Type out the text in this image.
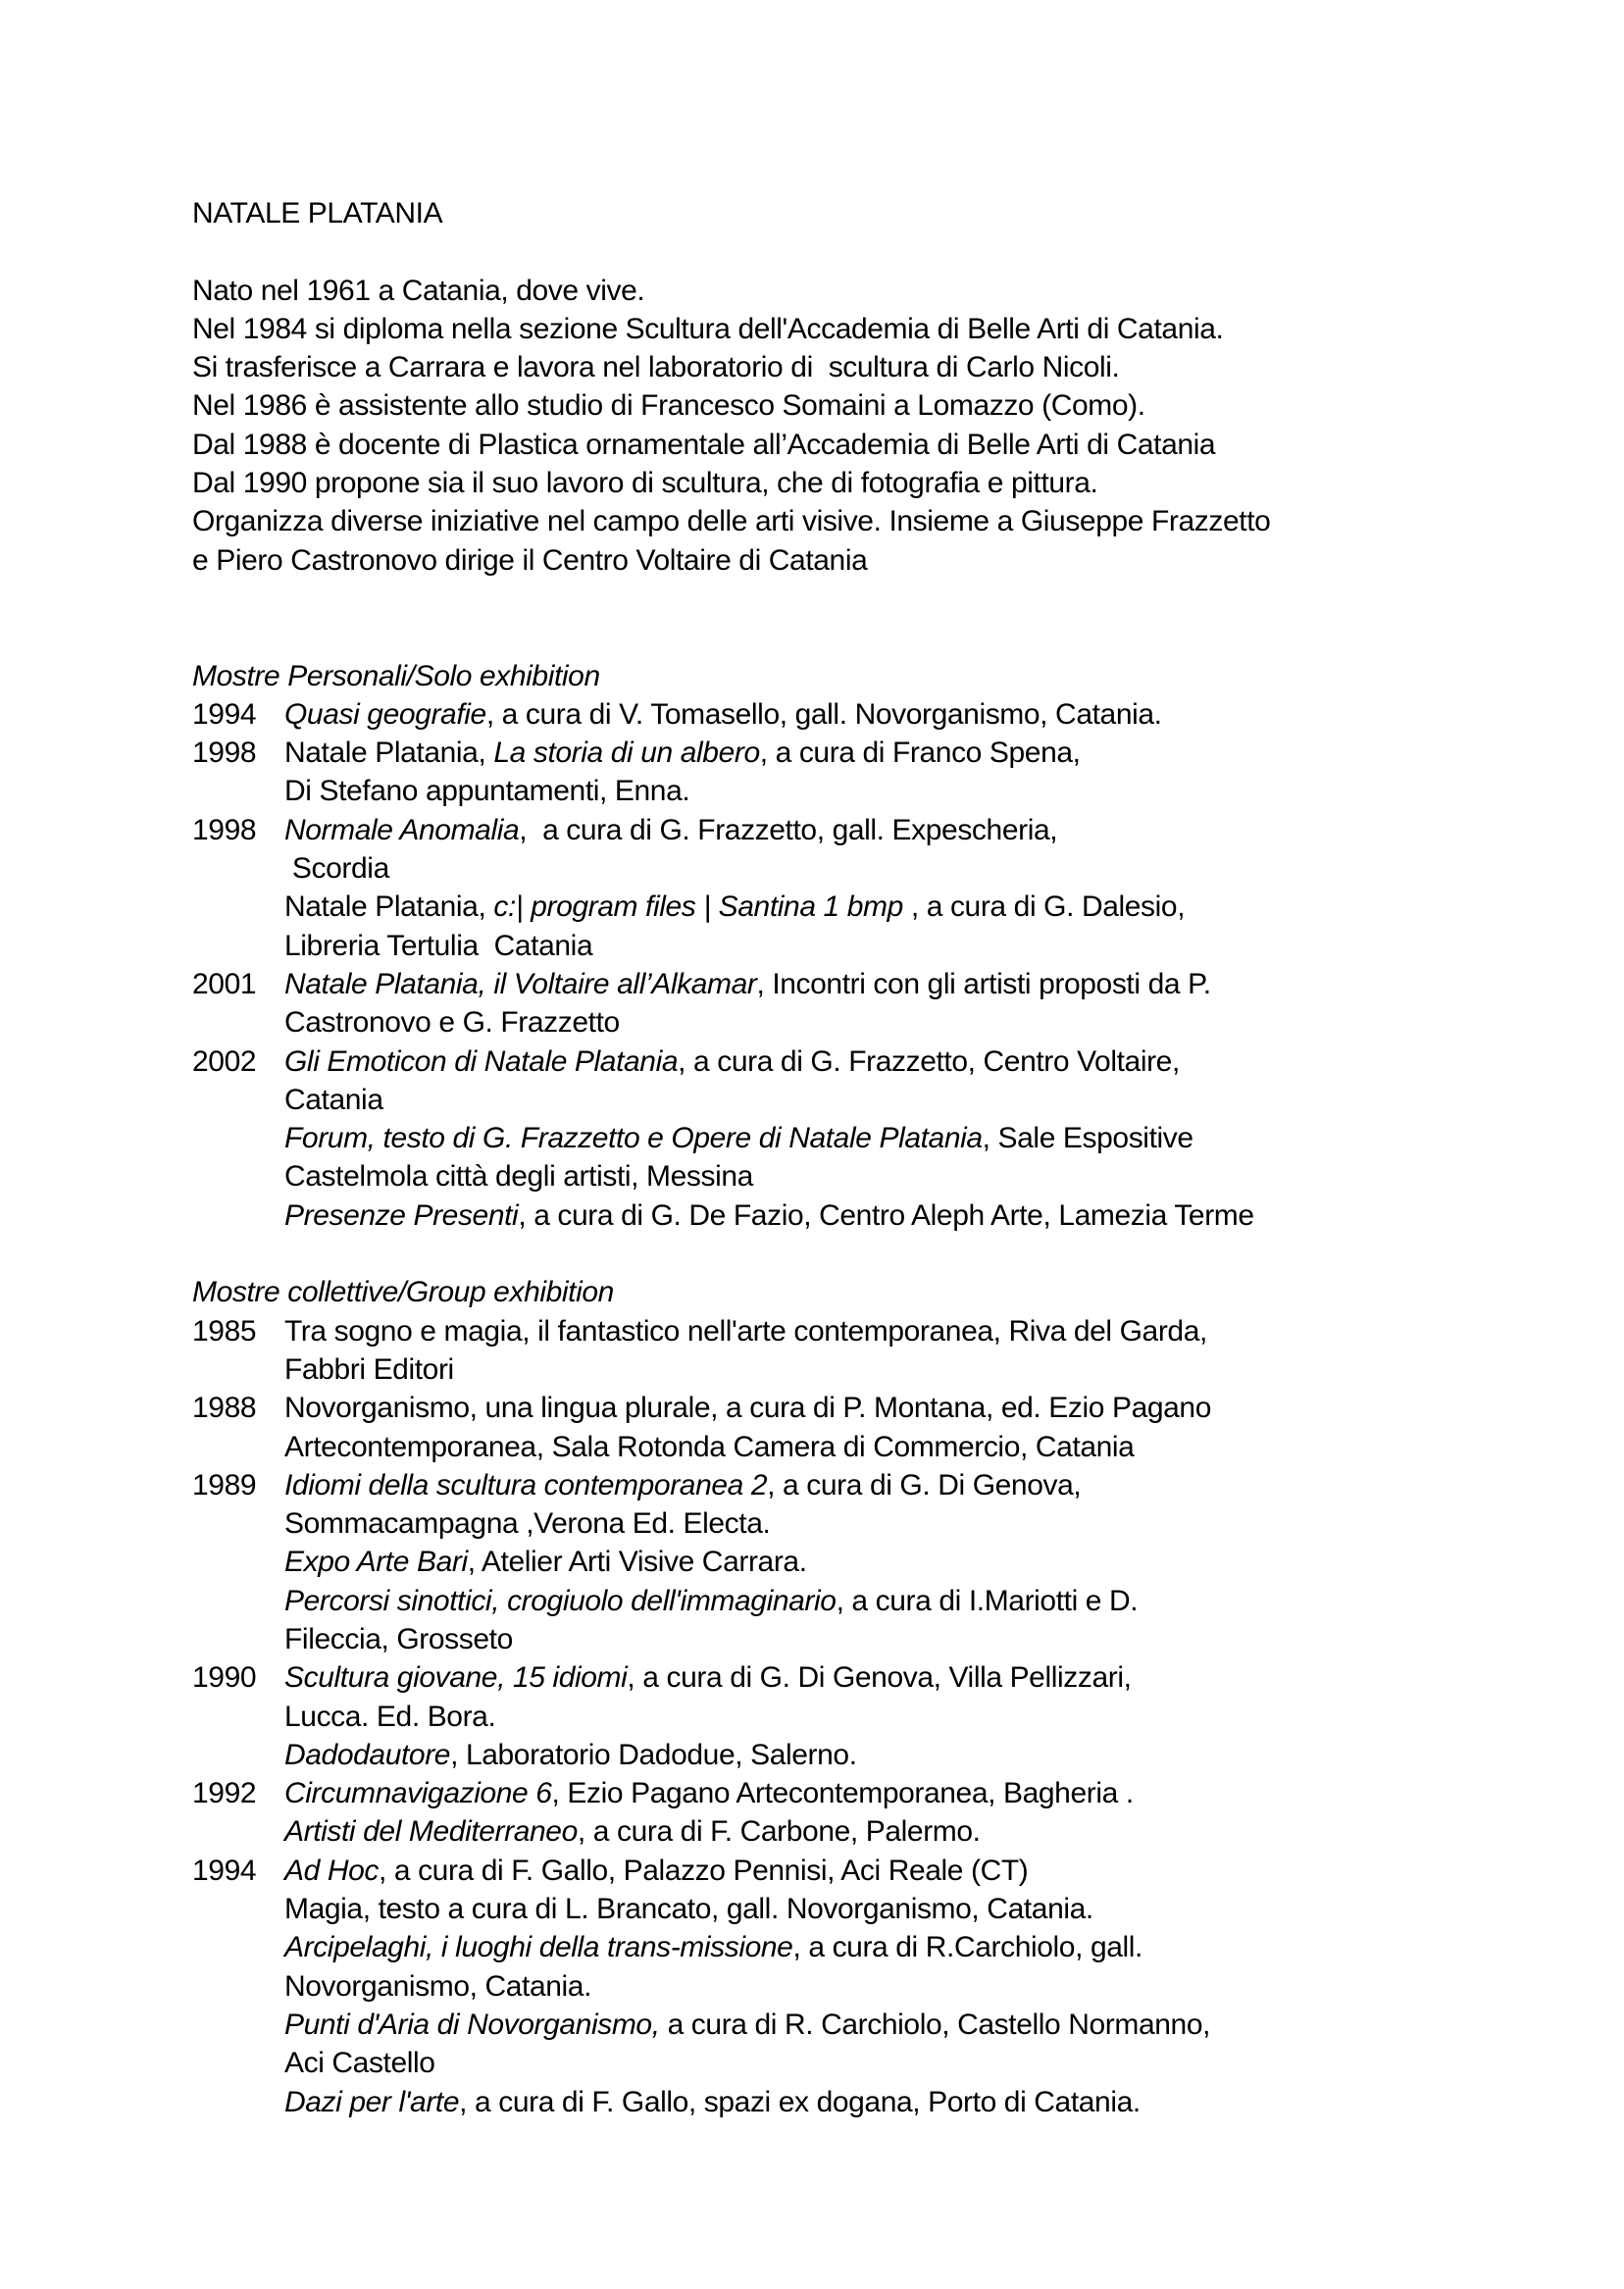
NATALE PLATANIA
Nato nel 1961 a Catania, dove vive.
Nel 1984 si diploma nella sezione Scultura dell'Accademia di Belle Arti di Catania.
Si trasferisce a Carrara e lavora nel laboratorio di  scultura di Carlo Nicoli.
Nel 1986 è assistente allo studio di Francesco Somaini a Lomazzo (Como).
Dal 1988 è docente di Plastica ornamentale all’Accademia di Belle Arti di Catania
Dal 1990 propone sia il suo lavoro di scultura, che di fotografia e pittura.
Organizza diverse iniziative nel campo delle arti visive. Insieme a Giuseppe Frazzetto
e Piero Castronovo dirige il Centro Voltaire di Catania
Mostre Personali/Solo exhibition
1994 Quasi geografie, a cura di V. Tomasello, gall. Novorganismo, Catania.
1998 Natale Platania, La storia di un albero, a cura di Franco Spena,
Di Stefano appuntamenti, Enna.
1998 Normale Anomalia,  a cura di G. Frazzetto, gall. Expescheria,
Scordia
Natale Platania, c:| program files | Santina 1 bmp , a cura di G. Dalesio,
Libreria Tertulia  Catania
2001 Natale Platania, il Voltaire all’Alkamar, Incontri con gli artisti proposti da P.
Castronovo e G. Frazzetto
2002 Gli Emoticon di Natale Platania, a cura di G. Frazzetto, Centro Voltaire,
Catania
Forum, testo di G. Frazzetto e Opere di Natale Platania, Sale Espositive
Castelmola città degli artisti, Messina
Presenze Presenti, a cura di G. De Fazio, Centro Aleph Arte, Lamezia Terme
Mostre collettive/Group exhibition
1985 Tra sogno e magia, il fantastico nell'arte contemporanea, Riva del Garda,
Fabbri Editori
1988 Novorganismo, una lingua plurale, a cura di P. Montana, ed. Ezio Pagano
Artecontemporanea, Sala Rotonda Camera di Commercio, Catania
1989 Idiomi della scultura contemporanea 2, a cura di G. Di Genova,
Sommacampagna ,Verona Ed. Electa.
Expo Arte Bari, Atelier Arti Visive Carrara.
Percorsi sinottici, crogiuolo dell'immaginario, a cura di I.Mariotti e D.
Fileccia, Grosseto
1990 Scultura giovane, 15 idiomi, a cura di G. Di Genova, Villa Pellizzari,
Lucca. Ed. Bora.
Dadodautore, Laboratorio Dadodue, Salerno.
1992 Circumnavigazione 6, Ezio Pagano Artecontemporanea, Bagheria .
Artisti del Mediterraneo, a cura di F. Carbone, Palermo.
1994 Ad Hoc, a cura di F. Gallo, Palazzo Pennisi, Aci Reale (CT)
Magia, testo a cura di L. Brancato, gall. Novorganismo, Catania.
Arcipelaghi, i luoghi della trans-missione, a cura di R.Carchiolo, gall.
Novorganismo, Catania.
Punti d'Aria di Novorganismo, a cura di R. Carchiolo, Castello Normanno,
Aci Castello
Dazi per l'arte, a cura di F. Gallo, spazi ex dogana, Porto di Catania.
